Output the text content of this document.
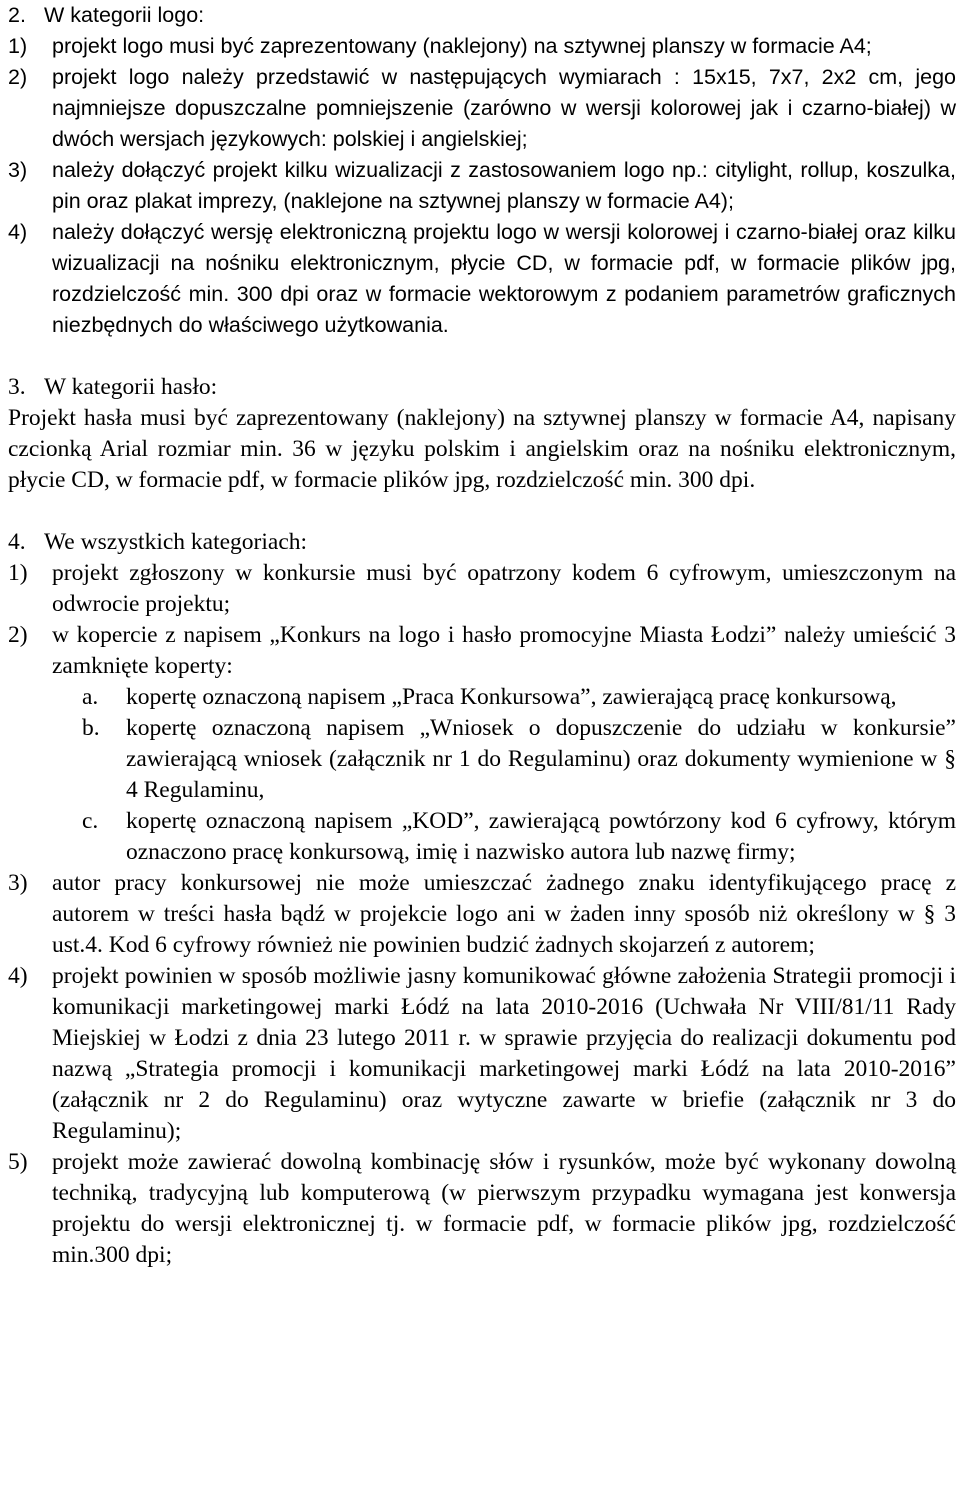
2. W kategorii logo:
1)	projekt logo musi być zaprezentowany (naklejony) na sztywnej planszy w formacie A4;
2)	projekt logo należy przedstawić w następujących wymiarach : 15x15, 7x7, 2x2 cm, jego najmniejsze dopuszczalne pomniejszenie (zarówno w wersji kolorowej jak i czarno-białej) w dwóch wersjach językowych: polskiej i angielskiej;
3)	należy dołączyć projekt kilku wizualizacji z zastosowaniem logo np.: citylight, rollup, koszulka, pin oraz plakat imprezy, (naklejone na sztywnej planszy w formacie A4);
4)	należy dołączyć wersję elektroniczną projektu logo w wersji kolorowej i czarno-białej oraz kilku wizualizacji na nośniku elektronicznym, płycie CD, w formacie pdf, w formacie plików jpg, rozdzielczość min. 300 dpi oraz w formacie wektorowym z podaniem parametrów graficznych niezbędnych do właściwego użytkowania.
3. W kategorii hasło:
Projekt hasła musi być zaprezentowany (naklejony) na sztywnej planszy w formacie A4, napisany czcionką Arial rozmiar min. 36 w języku polskim i angielskim oraz na nośniku elektronicznym, płycie CD, w formacie pdf, w formacie plików jpg, rozdzielczość min. 300 dpi.
4. We wszystkich kategoriach:
1)	projekt zgłoszony w konkursie musi być opatrzony kodem 6 cyfrowym, umieszczonym na odwrocie projektu;
2)	w kopercie z napisem „Konkurs na logo i hasło promocyjne Miasta Łodzi” należy umieścić 3 zamknięte koperty:
a.	kopertę oznaczoną napisem „Praca Konkursowa”, zawierającą pracę konkursową,
b.	kopertę oznaczoną napisem „Wniosek o dopuszczenie do udziału w konkursie” zawierającą wniosek (załącznik nr 1 do Regulaminu) oraz dokumenty wymienione w § 4 Regulaminu,
c.	kopertę oznaczoną napisem „KOD”, zawierającą powtórzony kod 6 cyfrowy, którym oznaczono pracę konkursową, imię i nazwisko autora lub nazwę firmy;
3)	autor pracy konkursowej nie może umieszczać żadnego znaku identyfikującego pracę z autorem w treści hasła bądź w projekcie logo ani w żaden inny sposób niż określony w § 3 ust.4. Kod 6 cyfrowy również nie powinien budzić żadnych skojarzeń z autorem;
4)	projekt powinien w sposób możliwie jasny komunikować główne założenia Strategii promocji i komunikacji marketingowej marki Łódź na lata 2010-2016 (Uchwała Nr VIII/81/11 Rady Miejskiej w Łodzi z dnia 23 lutego 2011 r. w sprawie przyjęcia do realizacji dokumentu pod nazwą „Strategia promocji i komunikacji marketingowej marki Łódź na lata 2010-2016” (załącznik nr 2 do Regulaminu) oraz wytyczne zawarte w briefie (załącznik nr 3 do Regulaminu);
5)	projekt może zawierać dowolną kombinację słów i rysunków, może być wykonany dowolną techniką, tradycyjną lub komputerową (w pierwszym przypadku wymagana jest konwersja projektu do wersji elektronicznej tj. w formacie pdf, w formacie plików jpg, rozdzielczość min.300 dpi;
